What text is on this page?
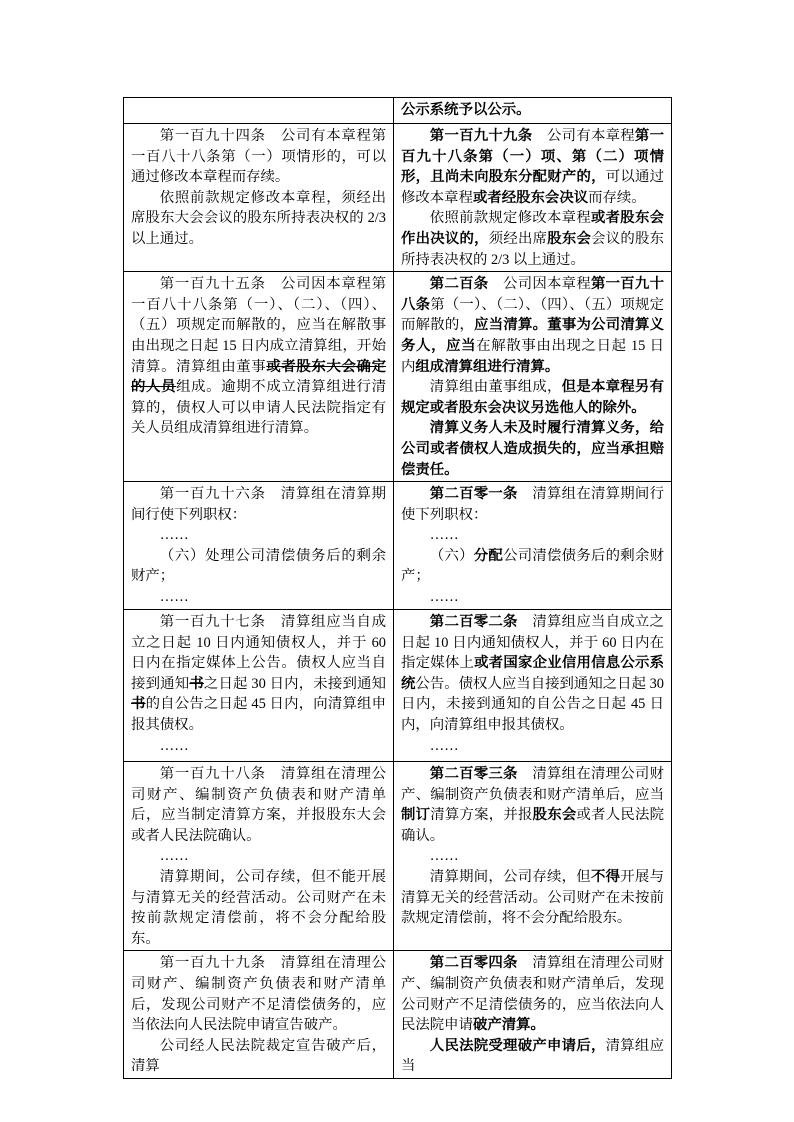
公示系统予以公示。

第一百九十四条　公司有本章程第一百八十八条第（一）项情形的，可以通过修改本章程而存续。

依照前款规定修改本章程，须经出席股东大会会议的股东所持表决权的 2/3 以上通过。

第一百九十九条　公司有本章程第一百九十八条第（一）项、第（二）项情形，且尚未向股东分配财产的，可以通过修改本章程或者经股东会决议而存续。

依照前款规定修改本章程或者股东会作出决议的，须经出席股东会会议的股东所持表决权的 2/3 以上通过。

第一百九十五条　公司因本章程第一百八十八条第（一）、（二）、（四）、（五）项规定而解散的，应当在解散事由出现之日起 15 日内成立清算组，开始清算。清算组由董事或者股东大会确定的人员组成。逾期不成立清算组进行清算的，债权人可以申请人民法院指定有关人员组成清算组进行清算。

第二百条　公司因本章程第一百九十八条第（一）、（二）、（四）、（五）项规定而解散的，应当清算。董事为公司清算义务人，应当在解散事由出现之日起 15 日内组成清算组进行清算。

清算组由董事组成，但是本章程另有规定或者股东会决议另选他人的除外。

清算义务人未及时履行清算义务，给公司或者债权人造成损失的，应当承担赔偿责任。

第一百九十六条　清算组在清算期间行使下列职权：

……

（六）处理公司清偿债务后的剩余财产；

……

第二百零一条　清算组在清算期间行使下列职权：

……

（六）分配公司清偿债务后的剩余财产；

……

第一百九十七条　清算组应当自成立之日起 10 日内通知债权人，并于 60 日内在指定媒体上公告。债权人应当自接到通知书之日起 30 日内，未接到通知书的自公告之日起 45 日内，向清算组申报其债权。

……

第二百零二条　清算组应当自成立之日起 10 日内通知债权人，并于 60 日内在指定媒体上或者国家企业信用信息公示系统公告。债权人应当自接到通知之日起 30 日内，未接到通知的自公告之日起 45 日内，向清算组申报其债权。

……

第一百九十八条　清算组在清理公司财产、编制资产负债表和财产清单后，应当制定清算方案，并报股东大会或者人民法院确认。

……

清算期间，公司存续，但不能开展与清算无关的经营活动。公司财产在未按前款规定清偿前，将不会分配给股东。

第二百零三条　清算组在清理公司财产、编制资产负债表和财产清单后，应当制订清算方案，并报股东会或者人民法院确认。

……

清算期间，公司存续，但不得开展与清算无关的经营活动。公司财产在未按前款规定清偿前，将不会分配给股东。

第一百九十九条　清算组在清理公司财产、编制资产负债表和财产清单后，发现公司财产不足清偿债务的，应当依法向人民法院申请宣告破产。

公司经人民法院裁定宣告破产后，清算

第二百零四条　清算组在清理公司财产、编制资产负债表和财产清单后，发现公司财产不足清偿债务的，应当依法向人民法院申请破产清算。

人民法院受理破产申请后，清算组应当
